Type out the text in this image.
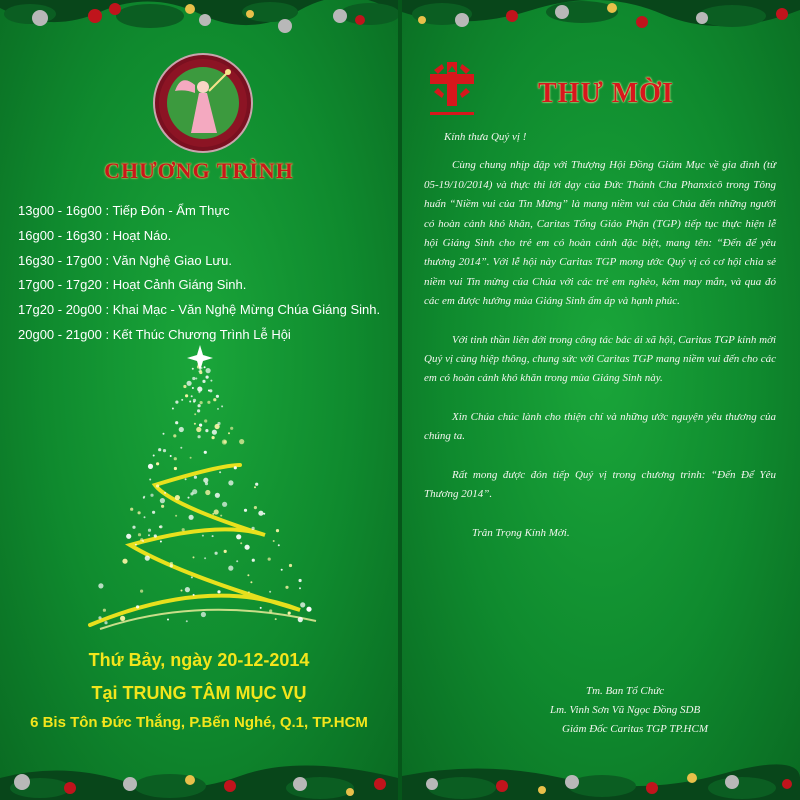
CHƯƠNG TRÌNH
13g00 - 16g00 : Tiếp Đón - Ẩm Thực
16g00 - 16g30 : Hoạt Náo.
16g30 - 17g00 : Văn Nghệ Giao Lưu.
17g00 - 17g20 : Hoạt Cảnh Giáng Sinh.
17g20 - 20g00 : Khai Mạc - Văn Nghệ Mừng Chúa Giáng Sinh.
20g00 - 21g00 : Kết Thúc Chương Trình Lễ Hội
Thứ Bảy, ngày 20-12-2014
Tại TRUNG TÂM MỤC VỤ
6 Bis Tôn Đức Thắng, P.Bến Nghé, Q.1, TP.HCM
THƯ MỜI

Kính thưa Quý vị !

Cùng chung nhịp đập với Thượng Hội Đồng Giám Mục về gia đình (từ 05-19/10/2014) và thực thi lời dạy của Đức Thánh Cha Phanxicô trong Tông huấn “Niềm vui của Tin Mừng” là mang niềm vui của Chúa đến những người có hoàn cảnh khó khăn, Caritas Tổng Giáo Phận (TGP) tiếp tục thực hiện lễ hội Giáng Sinh cho trẻ em có hoàn cảnh đặc biệt, mang tên: “Đến để yêu thương 2014”. Với lễ hội này Caritas TGP mong ước Quý vị có cơ hội chia sẻ niềm vui Tin mừng của Chúa với các trẻ em nghèo, kém may mắn, và qua đó các em được hưởng mùa Giáng Sinh ấm áp và hạnh phúc.

Với tinh thần liên đới trong công tác bác ái xã hội, Caritas TGP kính mời Quý vị cùng hiệp thông, chung sức với Caritas TGP mang niềm vui đến cho các em có hoàn cảnh khó khăn trong mùa Giáng Sinh này.

Xin Chúa chúc lành cho thiện chí và những ước nguyện yêu thương của chúng ta.

Rất mong được đón tiếp Quý vị trong chương trình: “Đến Để Yêu Thương 2014”.

Trân Trọng Kính Mời.

Tm. Ban Tổ Chức
Lm. Vinh Sơn Vũ Ngọc Đồng SDB
Giám Đốc Caritas TGP TP.HCM
